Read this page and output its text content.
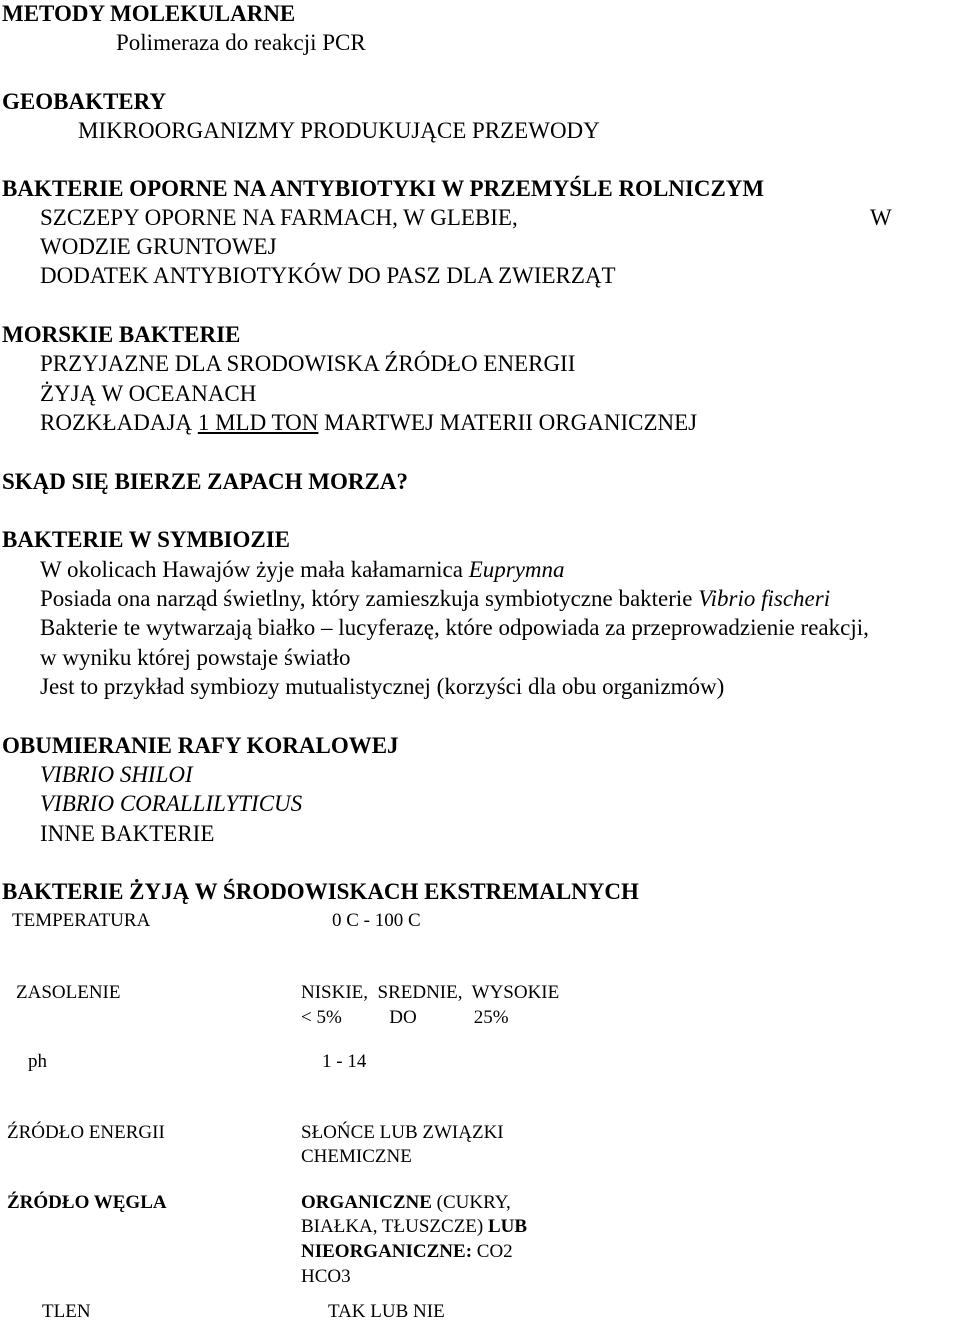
METODY MOLEKULARNE
Polimeraza do reakcji PCR
GEOBAKTERY
MIKROORGANIZMY PRODUKUJĄCE PRZEWODY
BAKTERIE OPORNE NA ANTYBIOTYKI W PRZEMYŚLE ROLNICZYM
SZCZEPY OPORNE NA FARMACH, W GLEBIE,	W
WODZIE GRUNTOWEJ
DODATEK ANTYBIOTYKÓW DO PASZ DLA ZWIERZĄT
MORSKIE BAKTERIE
PRZYJAZNE DLA SRODOWISKA ŹRÓDŁO ENERGII
ŻYJĄ W OCEANACH
ROZKŁADAJĄ 1 MLD TON MARTWEJ MATERII ORGANICZNEJ
SKĄD SIĘ BIERZE ZAPACH MORZA?
BAKTERIE W SYMBIOZIE
W okolicach Hawajów żyje mała kałamarnica Euprymna
Posiada ona narząd świetlny, który zamieszkuja symbiotyczne bakterie Vibrio fischeri
Bakterie te wytwarzają białko – lucyferazę, które odpowiada za przeprowadzienie reakcji,
w wyniku której powstaje światło
Jest to przykład symbiozy mutualistycznej (korzyści dla obu organizmów)
OBUMIERANIE RAFY KORALOWEJ
VIBRIO SHILOI
VIBRIO CORALLILYTICUS
INNE BAKTERIE
BAKTERIE ŻYJĄ W ŚRODOWISKACH EKSTREMALNYCH
TEMPERATURA	0 C - 100 C
ZASOLENIE	NISKIE,  SREDNIE,  WYSOKIE
< 5%          DO            25%
ph	1 - 14
ŹRÓDŁO ENERGII	SŁOŃCE LUB ZWIĄZKI
CHEMICZNE
ŹRÓDŁO WĘGLA	ORGANICZNE (CUKRY,
BIAŁKA, TŁUSZCZE) LUB
NIEORGANICZNE: CO2
HCO3
TLEN	TAK LUB NIE
